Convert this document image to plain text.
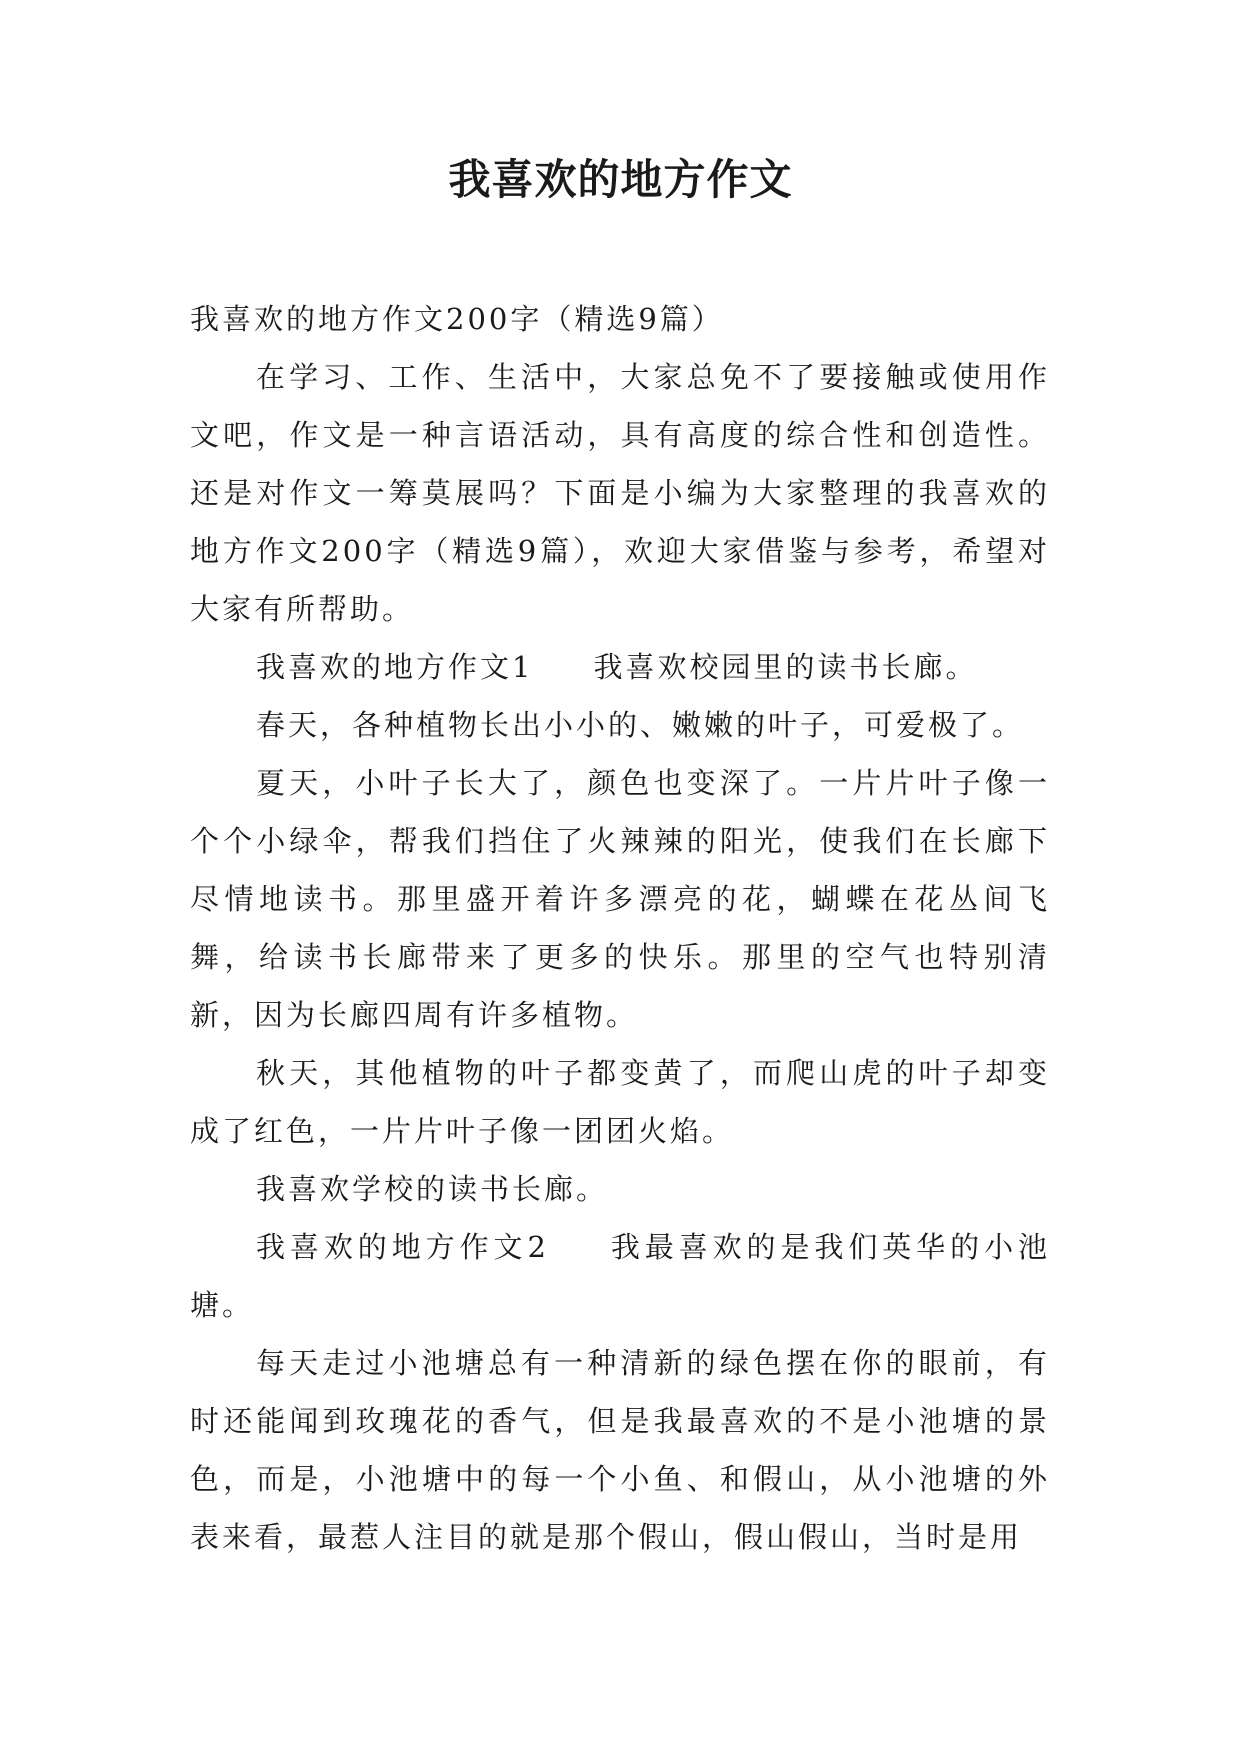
我喜欢的地方作文

我喜欢的地方作文200字（精选9篇）

在学习、工作、生活中，大家总免不了要接触或使用作文吧，作文是一种言语活动，具有高度的综合性和创造性。还是对作文一筹莫展吗？下面是小编为大家整理的我喜欢的地方作文200字（精选9篇），欢迎大家借鉴与参考，希望对大家有所帮助。

我喜欢的地方作文1 我喜欢校园里的读书长廊。

春天，各种植物长出小小的、嫩嫩的叶子，可爱极了。

夏天，小叶子长大了，颜色也变深了。一片片叶子像一个个小绿伞，帮我们挡住了火辣辣的阳光，使我们在长廊下尽情地读书。那里盛开着许多漂亮的花，蝴蝶在花丛间飞舞，给读书长廊带来了更多的快乐。那里的空气也特别清新，因为长廊四周有许多植物。

秋天，其他植物的叶子都变黄了，而爬山虎的叶子却变成了红色，一片片叶子像一团团火焰。

我喜欢学校的读书长廊。

我喜欢的地方作文2 我最喜欢的是我们英华的小池塘。

每天走过小池塘总有一种清新的绿色摆在你的眼前，有时还能闻到玫瑰花的香气，但是我最喜欢的不是小池塘的景色，而是，小池塘中的每一个小鱼、和假山，从小池塘的外表来看，最惹人注目的就是那个假山，假山假山，当时是用
